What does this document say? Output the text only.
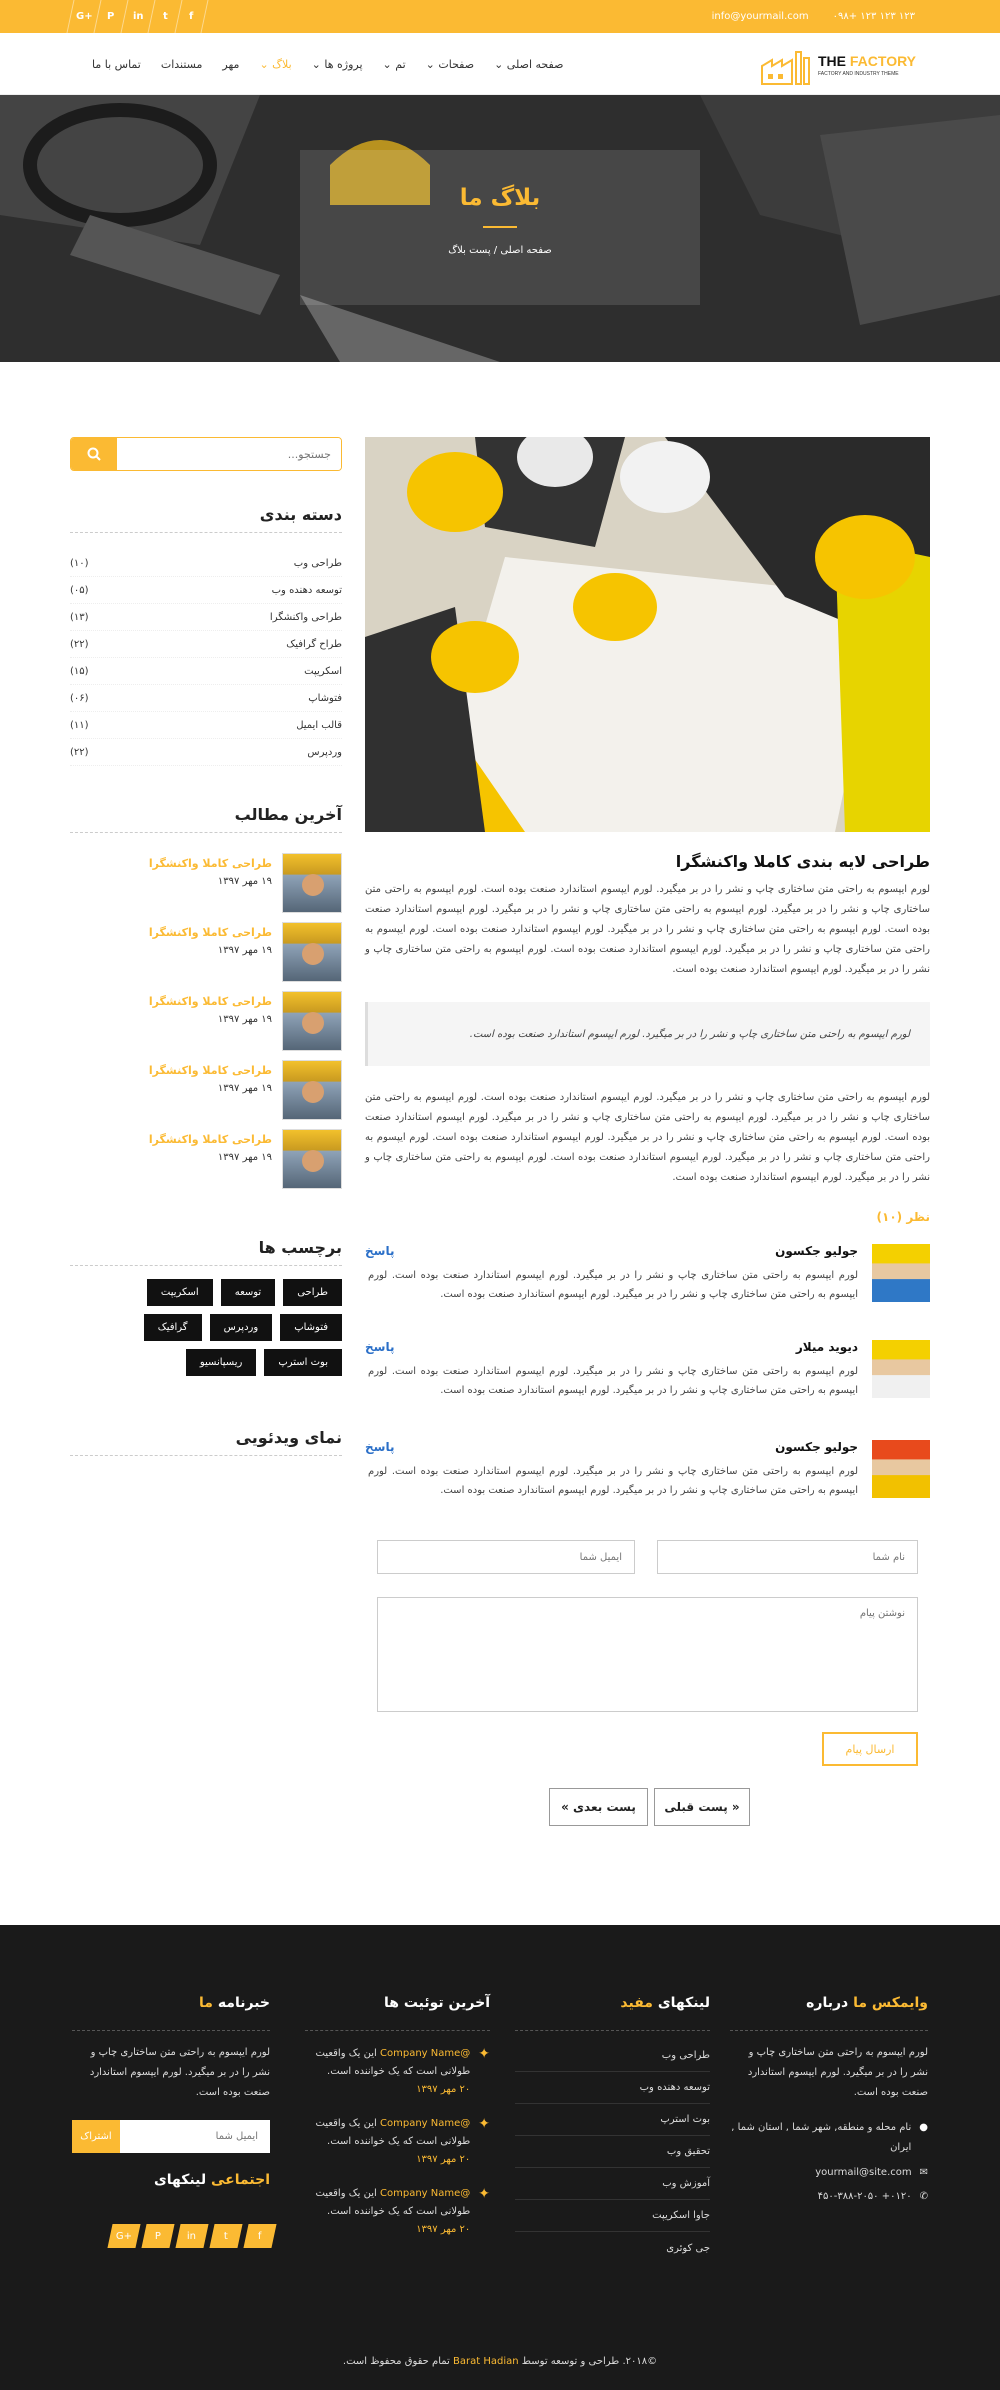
G+ P in t f	info@yourmail.com ۰۹۸+ ۱۲۳ ۱۲۳ ۱۲۳
صفحه اصلی ⌄
صفحات ⌄
تم ⌄
پروژه ها ⌄
بلاگ ⌄
مهر
مستندات
تماس با ما	THE FACTORY
FACTORY AND INDUSTRY THEME
بلاگ ما
صفحه اصلی / پست بلاگ
جستجو...
دسته بندی
طراحی وب
(۱۰)
توسعه دهنده وب
(۰۵)
طراحی واکنشگرا
(۱۳)
طراح گرافیک
(۲۲)
اسکریپت
(۱۵)
فتوشاپ
(۰۶)
قالب ایمیل
(۱۱)
وردپرس
(۲۲)
آخرین مطالب
طراحی کاملا واکنشگرا
۱۹ مهر ۱۳۹۷
طراحی کاملا واکنشگرا
۱۹ مهر ۱۳۹۷
طراحی کاملا واکنشگرا
۱۹ مهر ۱۳۹۷
طراحی کاملا واکنشگرا
۱۹ مهر ۱۳۹۷
طراحی کاملا واکنشگرا
۱۹ مهر ۱۳۹۷
برچسب ها
طراحی
توسعه
اسکریپت
فتوشاپ
وردپرس
گرافیک
بوت استرپ
ریسپانسیو
نمای ویدئویی
طراحی لایه بندی کاملا واکنشگرا
لورم ایپسوم به راحتی متن ساختاری چاپ و نشر را در بر میگیرد. لورم ایپسوم استاندارد صنعت بوده است. لورم ایپسوم به راحتی متن ساختاری چاپ و نشر را در بر میگیرد. لورم ایپسوم به راحتی متن ساختاری چاپ و نشر را در بر میگیرد. لورم ایپسوم استاندارد صنعت بوده است. لورم ایپسوم به راحتی متن ساختاری چاپ و نشر را در بر میگیرد. لورم ایپسوم استاندارد صنعت بوده است. لورم ایپسوم به راحتی متن ساختاری چاپ و نشر را در بر میگیرد. لورم ایپسوم استاندارد صنعت بوده است. لورم ایپسوم به راحتی متن ساختاری چاپ و نشر را در بر میگیرد. لورم ایپسوم استاندارد صنعت بوده است.
لورم ایپسوم به راحتی متن ساختاری چاپ و نشر را در بر میگیرد. لورم ایپسوم استاندارد صنعت بوده است.
لورم ایپسوم به راحتی متن ساختاری چاپ و نشر را در بر میگیرد. لورم ایپسوم استاندارد صنعت بوده است. لورم ایپسوم به راحتی متن ساختاری چاپ و نشر را در بر میگیرد. لورم ایپسوم به راحتی متن ساختاری چاپ و نشر را در بر میگیرد. لورم ایپسوم استاندارد صنعت بوده است. لورم ایپسوم به راحتی متن ساختاری چاپ و نشر را در بر میگیرد. لورم ایپسوم استاندارد صنعت بوده است. لورم ایپسوم به راحتی متن ساختاری چاپ و نشر را در بر میگیرد. لورم ایپسوم استاندارد صنعت بوده است. لورم ایپسوم به راحتی متن ساختاری چاپ و نشر را در بر میگیرد. لورم ایپسوم استاندارد صنعت بوده است.
نظر (۱۰)
جولیو جکسون
پاسخ
لورم ایپسوم به راحتی متن ساختاری چاپ و نشر را در بر میگیرد. لورم ایپسوم استاندارد صنعت بوده است. لورم ایپسوم به راحتی متن ساختاری چاپ و نشر را در بر میگیرد. لورم ایپسوم استاندارد صنعت بوده است.
دیوید میلار
پاسخ
لورم ایپسوم به راحتی متن ساختاری چاپ و نشر را در بر میگیرد. لورم ایپسوم استاندارد صنعت بوده است. لورم ایپسوم به راحتی متن ساختاری چاپ و نشر را در بر میگیرد. لورم ایپسوم استاندارد صنعت بوده است.
جولیو جکسون
پاسخ
لورم ایپسوم به راحتی متن ساختاری چاپ و نشر را در بر میگیرد. لورم ایپسوم استاندارد صنعت بوده است. لورم ایپسوم به راحتی متن ساختاری چاپ و نشر را در بر میگیرد. لورم ایپسوم استاندارد صنعت بوده است.
نام شما
ایمیل شما
نوشتن پیام
ارسال پیام
« پست قبلی
پست بعدی »
وایمکس ما درباره
لورم ایپسوم به راحتی متن ساختاری چاپ و نشر را در بر میگیرد. لورم ایپسوم استاندارد صنعت بوده است.
●
نام محله و منطقه, شهر شما , استان شما , ایران
✉
yourmail@site.com
✆
۰۱۲۰+ ۴۵۰-۳۸۸-۲۰۵۰
لینکهای مفید
طراحی وب
توسعه دهنده وب
بوت استرپ
تحقیق وب
آموزش وب
جاوا اسکریپت
جی کوئری
آخرین توئیت ها
✦
@Company Name این یک واقعیت طولانی است که یک خواننده است.
۲۰ مهر ۱۳۹۷
✦
@Company Name این یک واقعیت طولانی است که یک خواننده است.
۲۰ مهر ۱۳۹۷
✦
@Company Name این یک واقعیت طولانی است که یک خواننده است.
۲۰ مهر ۱۳۹۷
خبرنامه ما
لورم ایپسوم به راحتی متن ساختاری چاپ و نشر را در بر میگیرد. لورم ایپسوم استاندارد صنعت بوده است.
اشتراک
ایمیل شما
اجتماعی لینکهای
G+ P	in	t	f
©۲۰۱۸. طراحی و توسعه توسط Barat Hadian تمام حقوق محفوظ است.
